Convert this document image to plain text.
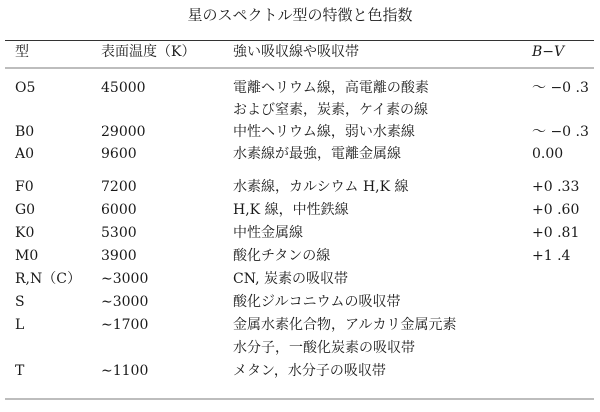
星のスペクトル型の特徴と色指数
型	表面温度（K）	強い吸収線や吸収帯	B−V
O5	45000	電離ヘリウム線，高電離の酸素	～ −0 .3
および窒素，炭素，ケイ素の線
B0	29000	中性ヘリウム線，弱い水素線	～ −0 .3
A0	9600	水素線が最強，電離金属線	0.00
F0	7200	水素線，カルシウム H,K 線	+0 .33
G0	6000	H,K 線，中性鉄線	+0 .60
K0	5300	中性金属線	+0 .81
M0	3900	酸化チタンの線	+1 .4
R,N（C） ∼3000	CN, 炭素の吸収帯
S	∼3000	酸化ジルコニウムの吸収帯
L	∼1700	金属水素化合物，アルカリ金属元素
水分子，一酸化炭素の吸収帯
T	∼1100	メタン，水分子の吸収帯
